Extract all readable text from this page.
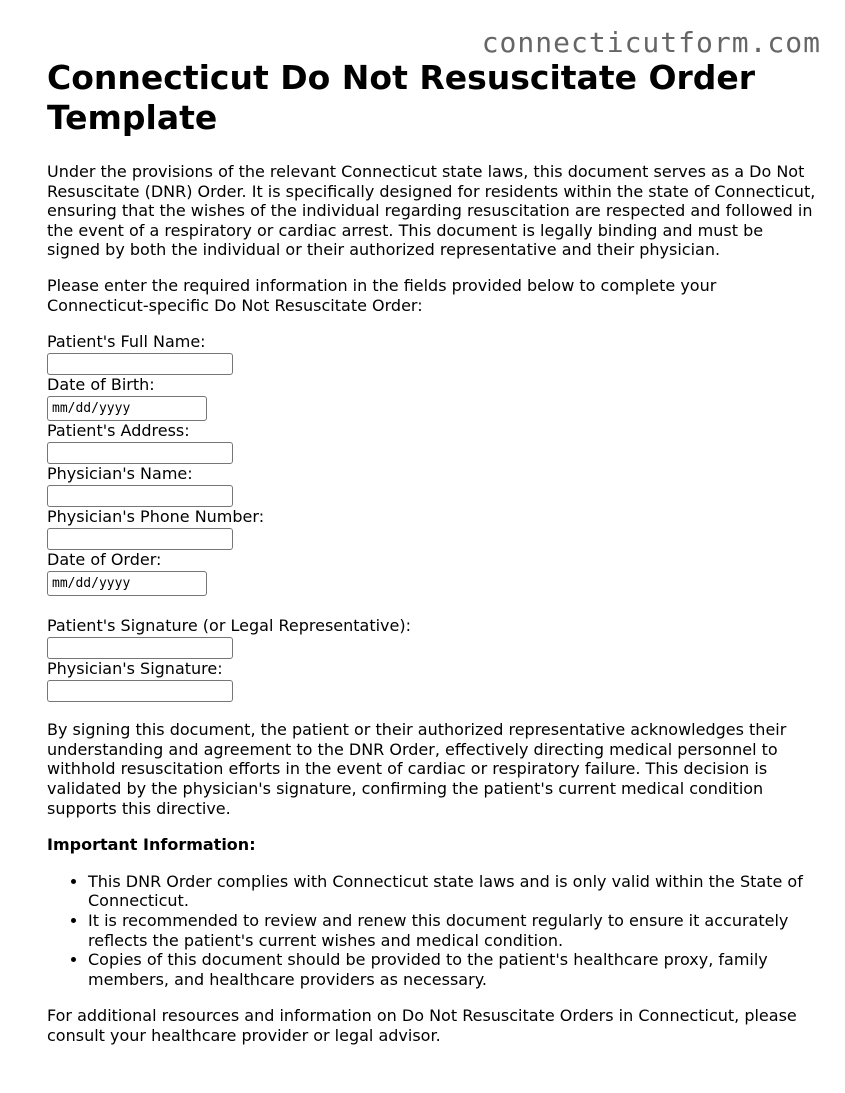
connecticutform.com
Connecticut Do Not Resuscitate Order Template

Under the provisions of the relevant Connecticut state laws, this document serves as a Do Not Resuscitate (DNR) Order. It is specifically designed for residents within the state of Connecticut, ensuring that the wishes of the individual regarding resuscitation are respected and followed in the event of a respiratory or cardiac arrest. This document is legally binding and must be signed by both the individual or their authorized representative and their physician.

Please enter the required information in the fields provided below to complete your Connecticut-specific Do Not Resuscitate Order:

Patient's Full Name:
Date of Birth:
mm/dd/yyyy
Patient's Address:
Physician's Name:
Physician's Phone Number:
Date of Order:
mm/dd/yyyy
Patient's Signature (or Legal Representative):
Physician's Signature:

By signing this document, the patient or their authorized representative acknowledges their understanding and agreement to the DNR Order, effectively directing medical personnel to withhold resuscitation efforts in the event of cardiac or respiratory failure. This decision is validated by the physician's signature, confirming the patient's current medical condition supports this directive.

Important Information:

• This DNR Order complies with Connecticut state laws and is only valid within the State of Connecticut.
• It is recommended to review and renew this document regularly to ensure it accurately reflects the patient's current wishes and medical condition.
• Copies of this document should be provided to the patient's healthcare proxy, family members, and healthcare providers as necessary.

For additional resources and information on Do Not Resuscitate Orders in Connecticut, please consult your healthcare provider or legal advisor.
